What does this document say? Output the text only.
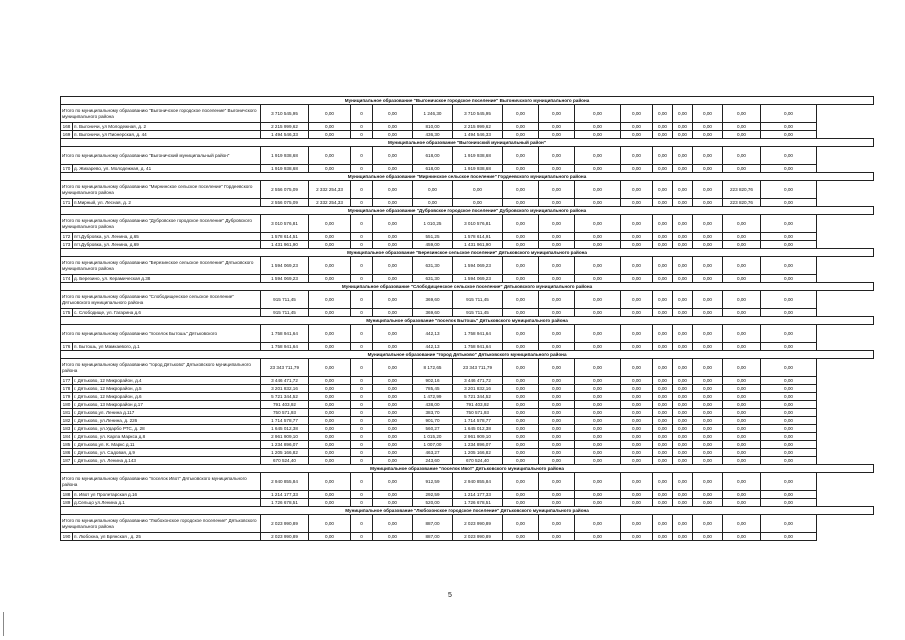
Муниципальное образование "Выгоничское городское поселение" Выгоничского муниципального района																
Итого по муниципальному образованию "Выгоничское городское поселение" Выгоничского муниципального района		3 710 545,95	0,00	0	0,00	1 246,30	3 710 545,95	0,00	0,00	0,00	0,00	0,00	0,00	0,00	0,00	0,00
168	п. Выгоничи, ул Молодежная, д. 2	2 215 999,62	0,00	0	0,00	810,00	2 215 999,62	0,00	0,00	0,00	0,00	0,00	0,00	0,00	0,00	0,00
169	п. Выгоничи, ул Пионерская, д. 44	1 494 546,33	0,00	0	0,00	436,30	1 494 546,33	0,00	0,00	0,00	0,00	0,00	0,00	0,00	0,00	0,00
Муниципальное образование "Выгоничский муниципальный район"																
Итого по муниципальному образованию "Выгоничский муниципальный район"		1 919 938,68	0,00	0	0,00	618,00	1 919 938,68	0,00	0,00	0,00	0,00	0,00	0,00	0,00	0,00	0,00
170	д. Жихарево, ул. Молодежная, д. 41	1 919 938,68	0,00	0	0,00	618,00	1 919 938,68	0,00	0,00	0,00	0,00	0,00	0,00	0,00	0,00	0,00
Муниципальное образование "Мирнинское сельское поселение" Гордеевского муниципального района																
Итого по муниципальному образованию "Мирнинское сельское поселение" Гордеевского муниципального района		2 556 075,09	2 332 254,33	0	0,00	0,00	0,00	0,00	0,00	0,00	0,00	0,00	0,00	0,00	223 820,76	0,00
171	п.Мирный, ул. Лесная, д. 2	2 556 075,09	2 332 254,33	0	0,00	0,00	0,00	0,00	0,00	0,00	0,00	0,00	0,00	0,00	223 820,76	0,00
Муниципальное образование "Дубровское городское поселение" Дубровского муниципального района																
Итого по муниципальному образованию "Дубровское городское поселение" Дубровского муниципального района		3 010 576,81	0,00	0	0,00	1 010,25	3 010 576,81	0,00	0,00	0,00	0,00	0,00	0,00	0,00	0,00	0,00
172	пгт.Дубровка, ул. Ленина, д.65	1 578 614,51	0,00	0	0,00	551,25	1 578 614,91	0,00	0,00	0,00	0,00	0,00	0,00	0,00	0,00	0,00
173	пгт.Дубровка, ул. Ленина, д.69	1 431 961,90	0,00	0	0,00	459,00	1 431 961,90	0,00	0,00	0,00	0,00	0,00	0,00	0,00	0,00	0,00
Муниципальное образование "Березинское сельское поселение" Дятьковского муниципального района																
Итого по муниципальному образованию "Березинское сельское поселение" Дятьковского муниципального района		1 594 069,23	0,00	0	0,00	631,30	1 594 069,23	0,00	0,00	0,00	0,00	0,00	0,00	0,00	0,00	0,00
174	д. Березино, ул. Керамическая д.38	1 594 069,23	0,00	0	0,00	631,30	1 594 069,23	0,00	0,00	0,00	0,00	0,00	0,00	0,00	0,00	0,00
Муниципальное образование "Слободищенское сельское поселение" Дятьковского муниципального района																
Итого по муниципальному образованию "Слободищенское сельское поселение" Дятьковского муниципального района		915 711,45	0,00	0	0,00	369,60	915 711,45	0,00	0,00	0,00	0,00	0,00	0,00	0,00	0,00	0,00
175	с. Слободище, ул. Гагарина д.6	915 711,45	0,00	0	0,00	369,60	915 711,45	0,00	0,00	0,00	0,00	0,00	0,00	0,00	0,00	0,00
Муниципальное образование "поселок Бытошь" Дятьковского муниципального района																
Итого по муниципальному образованию "поселок Бытошь" Дятьковского		1 758 941,64	0,00	0	0,00	442,13	1 758 941,64	0,00	0,00	0,00	0,00	0,00	0,00	0,00	0,00	0,00
176	п. Бытошь, ул Мамкаевого, д.1	1 758 941,64	0,00	0	0,00	442,13	1 758 941,64	0,00	0,00	0,00	0,00	0,00	0,00	0,00	0,00	0,00
Муниципальное образование "город Дятьково" Дятьковского муниципального района																
Итого по муниципальному образованию "город Дятьково" Дятьковского муниципального района		23 343 711,79	0,00	0	0,00	8 172,65	23 343 711,79	0,00	0,00	0,00	0,00	0,00	0,00	0,00	0,00	0,00
177	г. Дятьково, 12 Микрорайон, д.4	3 446 471,72	0,00	0	0,00	902,16	3 446 471,72	0,00	0,00	0,00	0,00	0,00	0,00	0,00	0,00	0,00
178	г. Дятьково, 12 Микрорайон, д.5	3 201 832,16	0,00	0	0,00	785,45	3 201 832,16	0,00	0,00	0,00	0,00	0,00	0,00	0,00	0,00	0,00
179	г. Дятьково, 12 Микрорайон, д.6	5 721 344,52	0,00	0	0,00	1 472,99	5 721 344,52	0,00	0,00	0,00	0,00	0,00	0,00	0,00	0,00	0,00
180	г. Дятьково, 13 Микрорайон д.17	791 403,92	0,00	0	0,00	438,00	791 403,92	0,00	0,00	0,00	0,00	0,00	0,00	0,00	0,00	0,00
181	г. Дятьково,ул. Ленина д.117	750 571,93	0,00	0	0,00	383,70	750 571,93	0,00	0,00	0,00	0,00	0,00	0,00	0,00	0,00	0,00
182	г. Дятьково, ул.Ленина, д. 226	1 714 578,77	0,00	0	0,00	901,70	1 714 578,77	0,00	0,00	0,00	0,00	0,00	0,00	0,00	0,00	0,00
183	г. Дятьково, ул.Ударбо РТС, д. 28	1 645 012,38	0,00	0	0,00	560,27	1 645 012,38	0,00	0,00	0,00	0,00	0,00	0,00	0,00	0,00	0,00
184	г. Дятьково, ул. Карла Маркса д.8	2 961 909,10	0,00	0	0,00	1 015,20	2 961 909,10	0,00	0,00	0,00	0,00	0,00	0,00	0,00	0,00	0,00
185	г. Дятьково,ул. К. Маркс д.11	1 234 896,07	0,00	0	0,00	1 007,00	1 234 896,07	0,00	0,00	0,00	0,00	0,00	0,00	0,00	0,00	0,00
186	г. Дятьково, ул. Садовая, д.9	1 205 166,82	0,00	0	0,00	463,27	1 205 166,82	0,00	0,00	0,00	0,00	0,00	0,00	0,00	0,00	0,00
187	г. Дятьково, ул. Ленина д.143	670 524,40	0,00	0	0,00	243,60	670 524,40	0,00	0,00	0,00	0,00	0,00	0,00	0,00	0,00	0,00
Муниципальное образование "поселок Ивот" Дятьковского муниципального района																
Итого по муниципальному образованию "поселок Ивот" Дятьковского муниципального района		2 940 855,84	0,00	0	0,00	912,59	2 940 855,84	0,00	0,00	0,00	0,00	0,00	0,00	0,00	0,00	0,00
188	п. Ивот ул Пролетарская д.16	1 214 177,33	0,00	0	0,00	292,59	1 214 177,33	0,00	0,00	0,00	0,00	0,00	0,00	0,00	0,00	0,00
189	д.Сельцо ул.Ленина д.1	1 726 678,51	0,00	0	0,00	520,00	1 726 678,51	0,00	0,00	0,00	0,00	0,00	0,00	0,00	0,00	0,00
Муниципальное образование "Любохонское городское поселение" Дятьковского муниципального района																
Итого по муниципальному образованию "Любохонское городское поселение" Дятьковского муниципального района		2 023 990,89	0,00	0	0,00	887,00	2 023 990,89	0,00	0,00	0,00	0,00	0,00	0,00	0,00	0,00	0,00
190	п. Любохна, ул Брянская , д. 25	2 023 990,89	0,00	0	0,00	887,00	2 023 990,89	0,00	0,00	0,00	0,00	0,00	0,00	0,00	0,00	0,00
5
